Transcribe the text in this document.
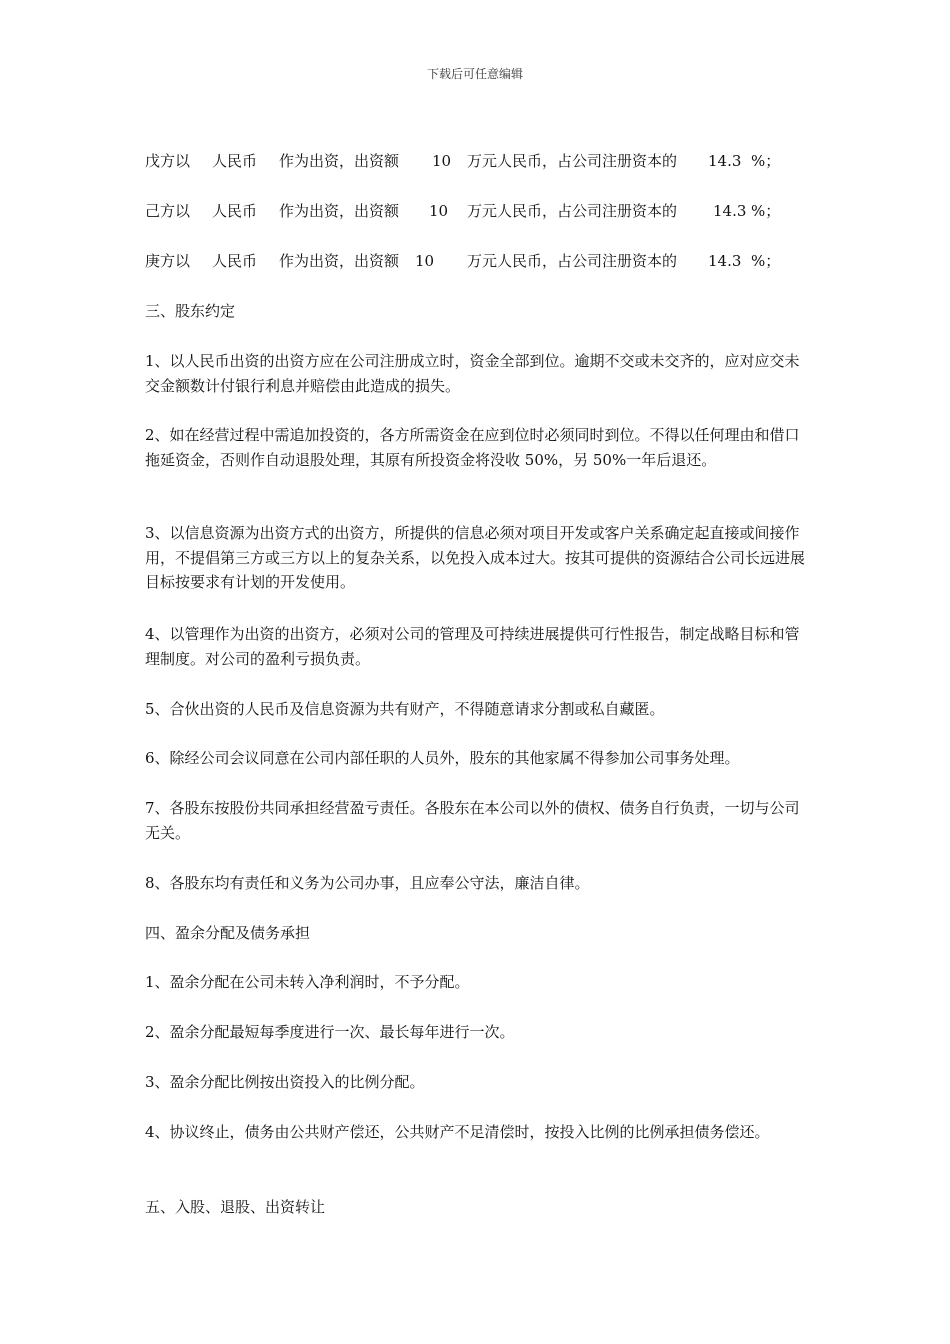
下载后可任意编辑
戊方以 人民币 作为出资，出资额 10 万元人民币，占公司注册资本的 14.3 %；
己方以 人民币 作为出资，出资额 10 万元人民币，占公司注册资本的 14.3 %；
庚方以 人民币 作为出资，出资额 10 万元人民币，占公司注册资本的 14.3 %；
三、股东约定
1、以人民币出资的出资方应在公司注册成立时，资金全部到位。逾期不交或未交齐的，应对应交未交金额数计付银行利息并赔偿由此造成的损失。
2、如在经营过程中需追加投资的，各方所需资金在应到位时必须同时到位。不得以任何理由和借口拖延资金，否则作自动退股处理，其原有所投资金将没收 50%，另 50%一年后退还。
3、以信息资源为出资方式的出资方，所提供的信息必须对项目开发或客户关系确定起直接或间接作用，不提倡第三方或三方以上的复杂关系，以免投入成本过大。按其可提供的资源结合公司长远进展目标按要求有计划的开发使用。
4、以管理作为出资的出资方，必须对公司的管理及可持续进展提供可行性报告，制定战略目标和管理制度。对公司的盈利亏损负责。
5、合伙出资的人民币及信息资源为共有财产，不得随意请求分割或私自藏匿。
6、除经公司会议同意在公司内部任职的人员外，股东的其他家属不得参加公司事务处理。
7、各股东按股份共同承担经营盈亏责任。各股东在本公司以外的债权、债务自行负责，一切与公司无关。
8、各股东均有责任和义务为公司办事，且应奉公守法，廉洁自律。
四、盈余分配及债务承担
1、盈余分配在公司未转入净利润时，不予分配。
2、盈余分配最短每季度进行一次、最长每年进行一次。
3、盈余分配比例按出资投入的比例分配。
4、协议终止，债务由公共财产偿还，公共财产不足清偿时，按投入比例的比例承担债务偿还。
五、入股、退股、出资转让
